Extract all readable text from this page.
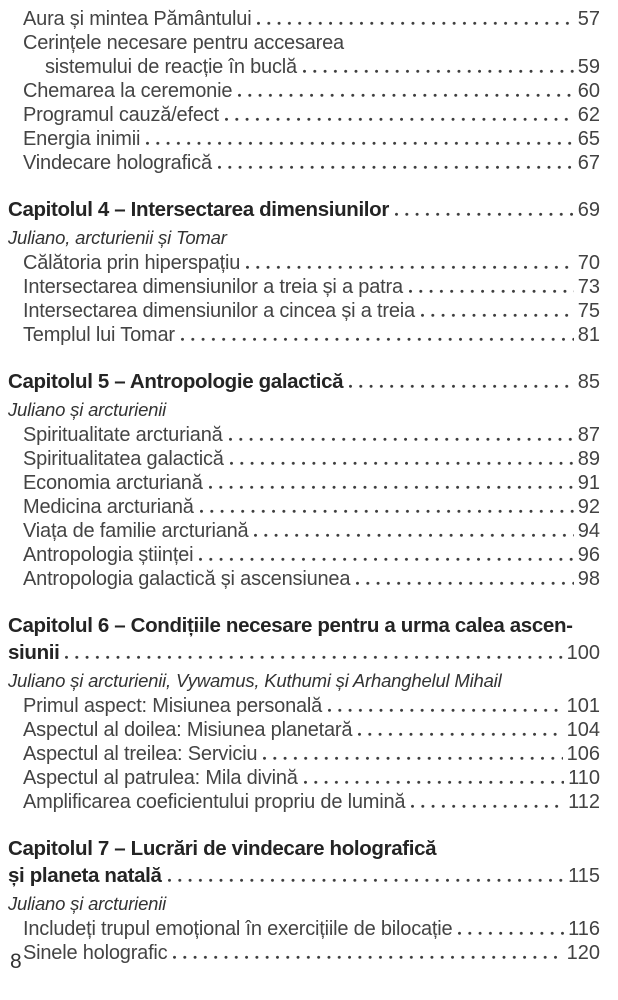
Aura și mintea Pământului	57
Cerințele necesare pentru accesarea
sistemului de reacție în buclă	59
Chemarea la ceremonie	60
Programul cauză/efect	62
Energia inimii	65
Vindecare holografică	67
Capitolul 4 – Intersectarea dimensiunilor	69
Juliano, arcturienii și Tomar
Călătoria prin hiperspațiu	70
Intersectarea dimensiunilor a treia și a patra	73
Intersectarea dimensiunilor a cincea și a treia	75
Templul lui Tomar	81
Capitolul 5 – Antropologie galactică	85
Juliano și arcturienii
Spiritualitate arcturiană	87
Spiritualitatea galactică	89
Economia arcturiană	91
Medicina arcturiană	92
Viața de familie arcturiană	94
Antropologia științei	96
Antropologia galactică și ascensiunea	98
Capitolul 6 – Condițiile necesare pentru a urma calea ascen-
siunii	100
Juliano și arcturienii, Vywamus, Kuthumi și Arhanghelul Mihail
Primul aspect: Misiunea personală	101
Aspectul al doilea: Misiunea planetară	104
Aspectul al treilea: Serviciu	106
Aspectul al patrulea: Mila divină	110
Amplificarea coeficientului propriu de lumină	112
Capitolul 7 – Lucrări de vindecare holografică
și planeta natală	115
Juliano și arcturienii
Includeți trupul emoțional în exercițiile de bilocație	116
Sinele holografic	120
8
